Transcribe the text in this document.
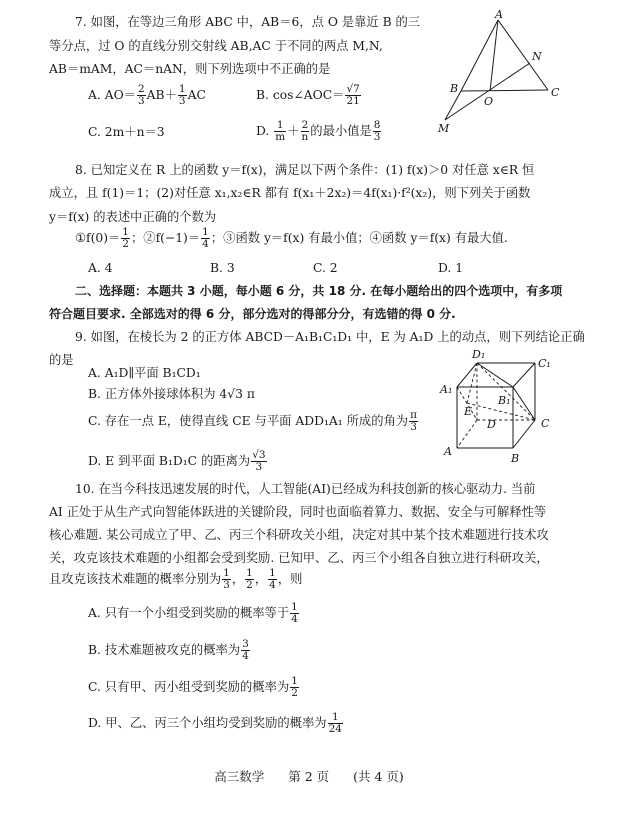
7. 如图，在等边三角形 ABC 中，AB＝6，点 O 是靠近 B 的三
等分点，过 O 的直线分别交射线 AB,AC 于不同的两点 M,N,
AB＝mAM，AC＝nAN，则下列选项中不正确的是
A. $AO= \frac{2}{3} AB+ \frac{1}{3}$ AC	B. cos∠AOC＝ $\frac{√7}{21}$
C. 2m＋n＝3	D. $\frac{1}{m} + \frac{2}{n}$ 的最小值是 $\frac{8}{3}$
A
B	C
O
M
N
8. 已知定义在 R 上的函数 y＝f(x)，满足以下两个条件：(1) f(x)＞0 对任意 x∈R 恒
成立，且 f(1)＝1；(2)对任意 x₁,x₂∈R 都有 f(x₁＋2x₂)＝4f(x₁)·f²(x₂)，则下列关于函数
y＝f(x) 的表述中正确的个数为
①f(0)＝ $\frac{1}{2}$ ；②f(−1)＝ $\frac{1}{4}$ ；③函数 y＝f(x) 有最小值；④函数 y＝f(x) 有最大值.
A. 4	B. 3	C. 2	D. 1
二、选择题：本题共 3 小题，每小题 6 分，共 18 分. 在每小题给出的四个选项中，有多项
符合题目要求. 全部选对的得 6 分，部分选对的得部分分，有选错的得 0 分.
9. 如图，在棱长为 2 的正方体 ABCD－A₁B₁C₁D₁ 中，E 为 A₁D 上的动点，则下列结论正确
的是
A. A₁D∥平面 B₁CD₁
B. 正方体外接球体积为 4√3 π
C. 存在一点 E，使得直线 CE 与平面 ADD₁A₁ 所成的角为 $\frac{\pi}{3}$
D. E 到平面 B₁D₁C 的距离为 $\frac{√3}{3}$
D₁
C₁
A₁
B₁
E
D	C
A
B
10. 在当今科技迅速发展的时代，人工智能(AI)已经成为科技创新的核心驱动力. 当前
AI 正处于从生产式向智能体跃进的关键阶段，同时也面临着算力、数据、安全与可解释性等
核心难题. 某公司成立了甲、乙、丙三个科研攻关小组，决定对其中某个技术难题进行技术攻
关，攻克该技术难题的小组都会受到奖励. 已知甲、乙、丙三个小组各自独立进行科研攻关，
且攻克该技术难题的概率分别为 $\frac{1}{3}$ ， $\frac{1}{2}$ ， $\frac{1}{4}$ ，则
A. 只有一个小组受到奖励的概率等于 $\frac{1}{4}$
B. 技术难题被攻克的概率为 $\frac{3}{4}$
C. 只有甲、丙小组受到奖励的概率为 $\frac{1}{2}$
D. 甲、乙、丙三个小组均受到奖励的概率为 $\frac{1}{24}$
高三数学 第 2 页 (共 4 页)
